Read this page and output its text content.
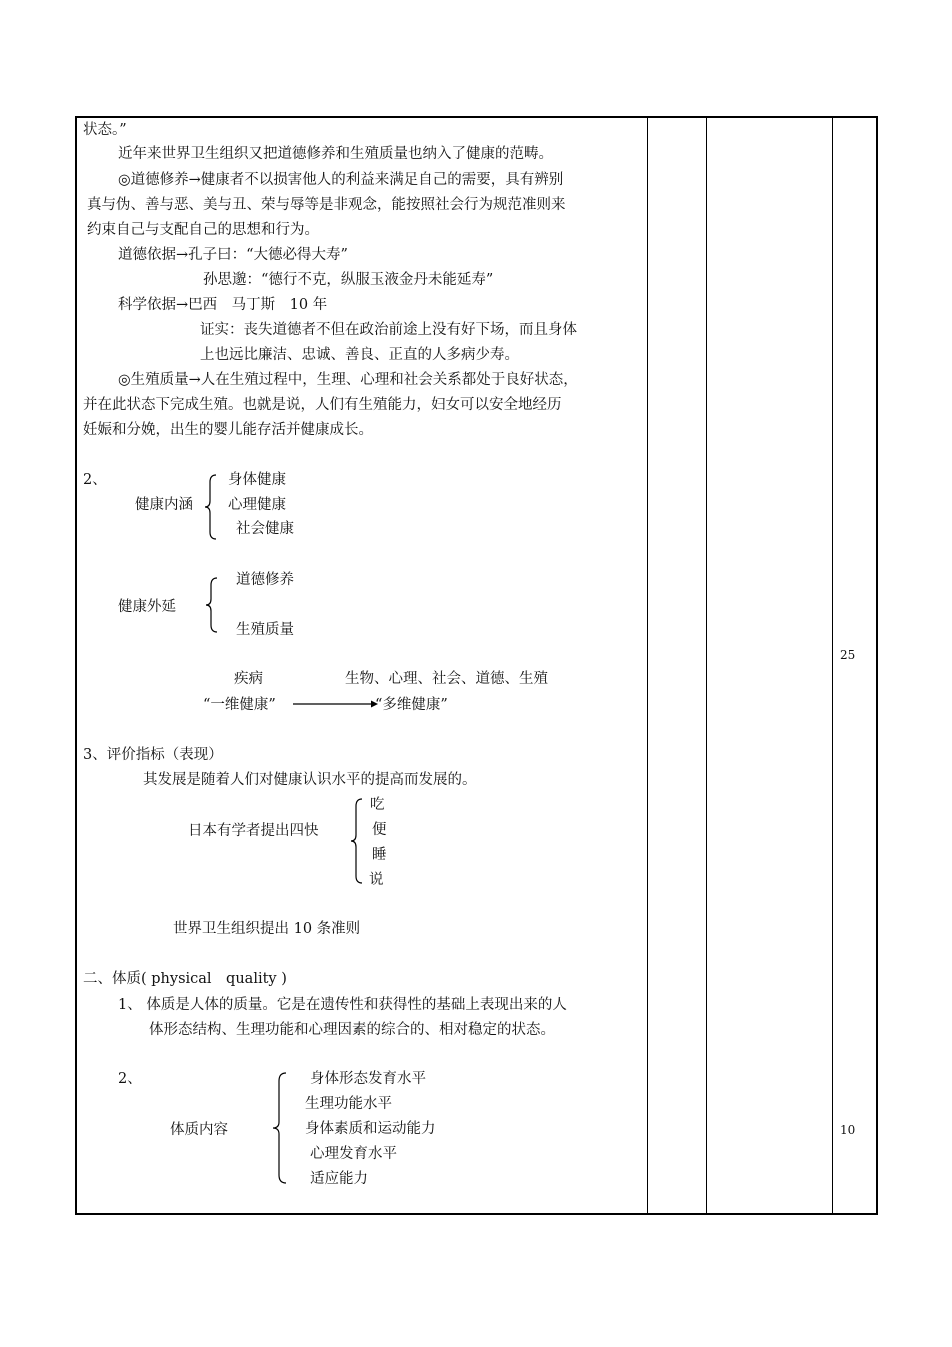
状态。”
近年来世界卫生组织又把道德修养和生殖质量也纳入了健康的范畴。
◎道德修养→健康者不以损害他人的利益来满足自己的需要，具有辨别
真与伪、善与恶、美与丑、荣与辱等是非观念，能按照社会行为规范准则来
约束自己与支配自己的思想和行为。
道德依据→孔子曰：“大德必得大寿”
孙思邈：“德行不克，纵服玉液金丹未能延寿”
科学依据→巴西　马丁斯　10 年
证实：丧失道德者不但在政治前途上没有好下场，而且身体
上也远比廉洁、忠诚、善良、正直的人多病少寿。
◎生殖质量→人在生殖过程中，生理、心理和社会关系都处于良好状态，
并在此状态下完成生殖。也就是说，人们有生殖能力，妇女可以安全地经历
妊娠和分娩，出生的婴儿能存活并健康成长。
2、
健康内涵
身体健康
心理健康
社会健康
健康外延
道德修养
生殖质量
疾病	生物、心理、社会、道德、生殖
“一维健康”	“多维健康”
3、评价指标（表现）
其发展是随着人们对健康认识水平的提高而发展的。
日本有学者提出四快
吃
便
睡
说
世界卫生组织提出 10 条准则
二、体质( physical　quality )
1、 体质是人体的质量。它是在遗传性和获得性的基础上表现出来的人
体形态结构、生理功能和心理因素的综合的、相对稳定的状态。
2、
体质内容
身体形态发育水平
生理功能水平
身体素质和运动能力
心理发育水平
适应能力
25
10
